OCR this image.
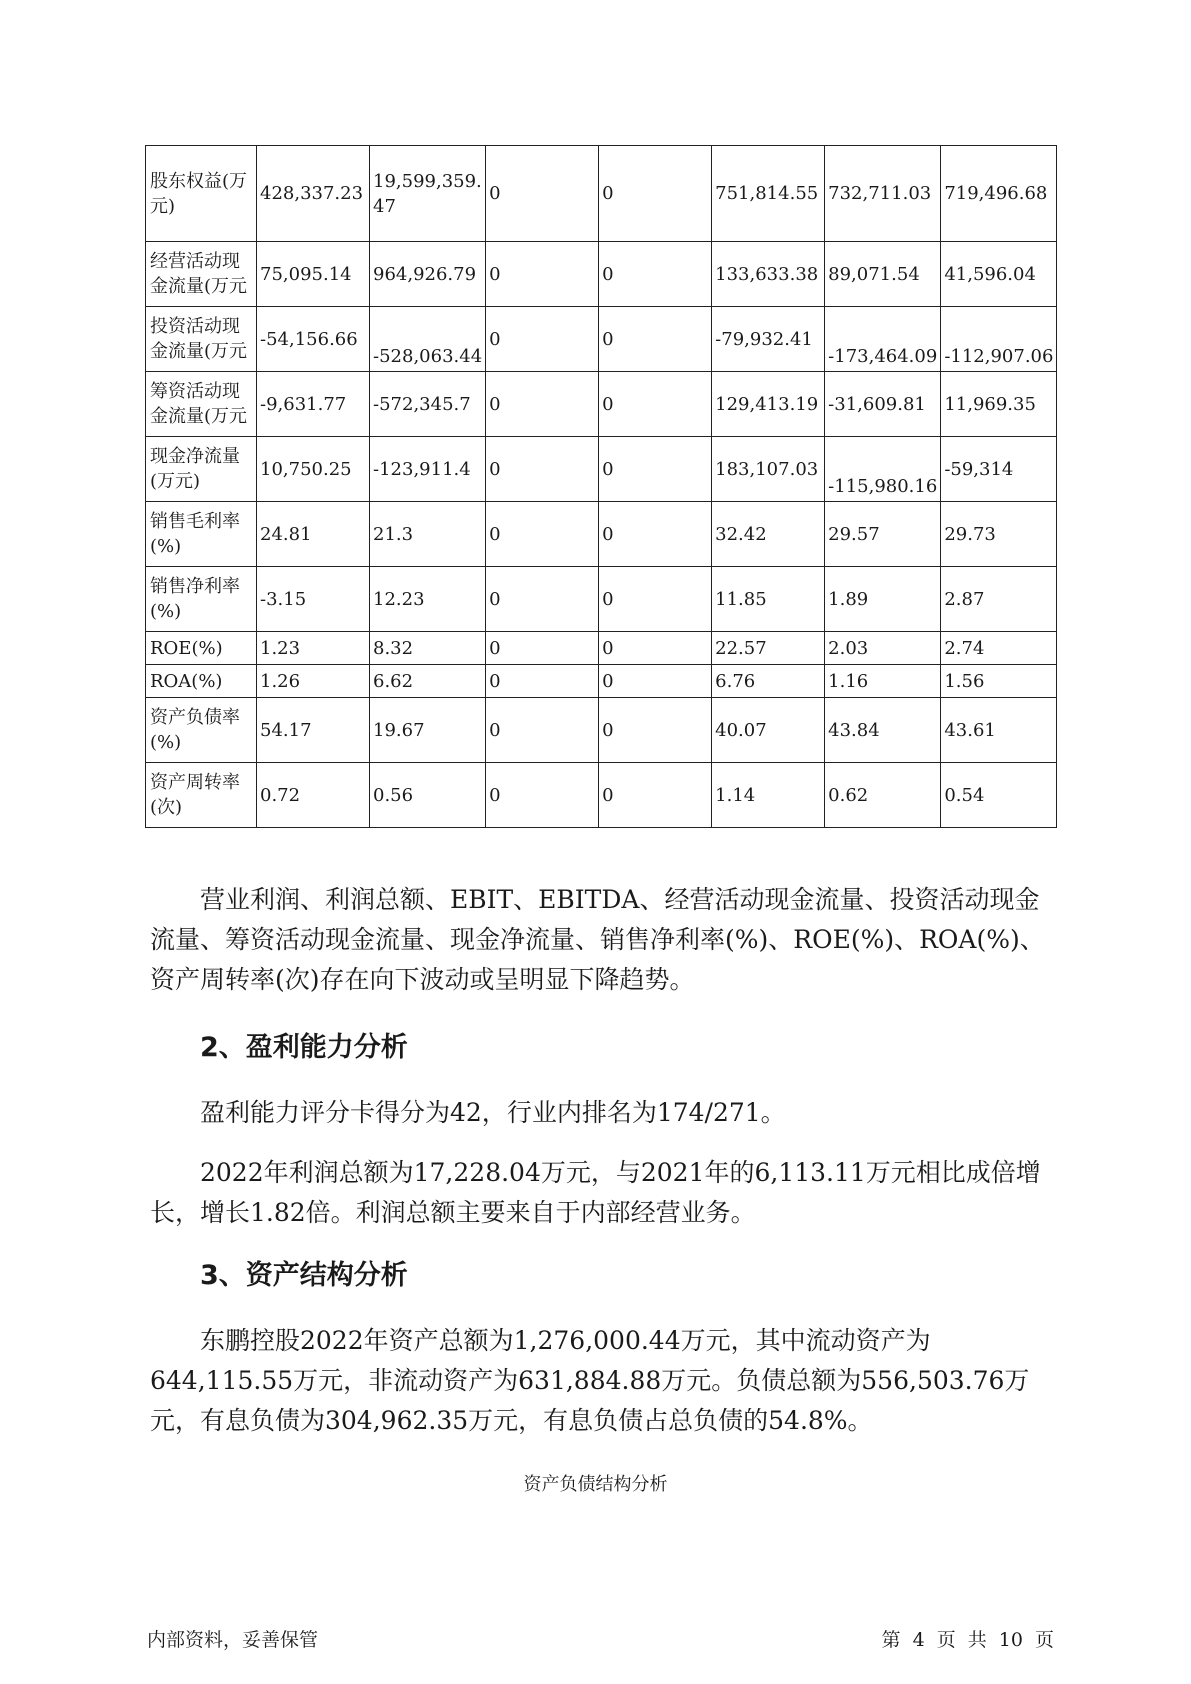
股东权益(万元)	428,337.23	19,599,359.47	0	0	751,814.55	732,711.03	719,496.68
经营活动现金流量(万元	75,095.14	964,926.79	0	0	133,633.38	89,071.54	41,596.04
投资活动现金流量(万元	-54,156.66	-528,063.44	0	0	-79,932.41	-173,464.09	-112,907.06
筹资活动现金流量(万元	-9,631.77	-572,345.7	0	0	129,413.19	-31,609.81	11,969.35
现金净流量(万元)	10,750.25	-123,911.4	0	0	183,107.03	-115,980.16	-59,314
销售毛利率(%)	24.81	21.3	0	0	32.42	29.57	29.73
销售净利率(%)	-3.15	12.23	0	0	11.85	1.89	2.87
ROE(%)	1.23	8.32	0	0	22.57	2.03	2.74
ROA(%)	1.26	6.62	0	0	6.76	1.16	1.56
资产负债率(%)	54.17	19.67	0	0	40.07	43.84	43.61
资产周转率(次)	0.72	0.56	0	0	1.14	0.62	0.54

营业利润、利润总额、EBIT、EBITDA、经营活动现金流量、投资活动现金流量、筹资活动现金流量、现金净流量、销售净利率(%)、ROE(%)、ROA(%)、资产周转率(次)存在向下波动或呈明显下降趋势。

2、盈利能力分析

盈利能力评分卡得分为42，行业内排名为174/271。

2022年利润总额为17,228.04万元，与2021年的6,113.11万元相比成倍增长，增长1.82倍。利润总额主要来自于内部经营业务。

3、资产结构分析

东鹏控股2022年资产总额为1,276,000.44万元，其中流动资产为644,115.55万元，非流动资产为631,884.88万元。负债总额为556,503.76万元，有息负债为304,962.35万元，有息负债占总负债的54.8%。

资产负债结构分析
内部资料，妥善保管	第 4 页 共 10 页
